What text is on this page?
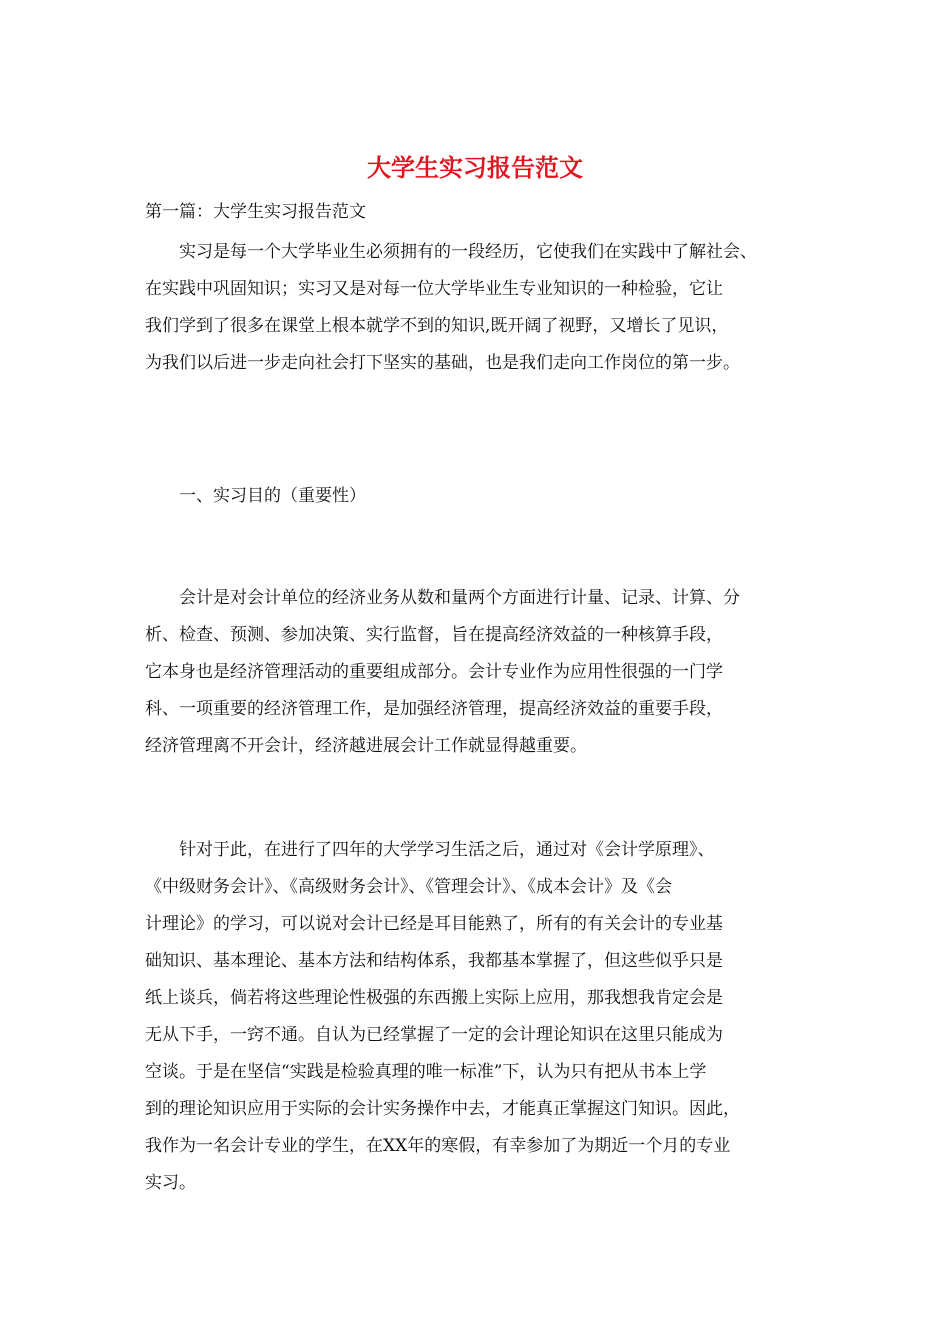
大学生实习报告范文
第一篇：大学生实习报告范文
　　实习是每一个大学毕业生必须拥有的一段经历，它使我们在实践中了解社会、
在实践中巩固知识；实习又是对每一位大学毕业生专业知识的一种检验，它让
我们学到了很多在课堂上根本就学不到的知识,既开阔了视野，又增长了见识，
为我们以后进一步走向社会打下坚实的基础，也是我们走向工作岗位的第一步。
　　一、实习目的（重要性）
　　会计是对会计单位的经济业务从数和量两个方面进行计量、记录、计算、分
析、检查、预测、参加决策、实行监督，旨在提高经济效益的一种核算手段，
它本身也是经济管理活动的重要组成部分。会计专业作为应用性很强的一门学
科、一项重要的经济管理工作，是加强经济管理，提高经济效益的重要手段，
经济管理离不开会计，经济越进展会计工作就显得越重要。
　　针对于此，在进行了四年的大学学习生活之后，通过对《会计学原理》、
《中级财务会计》、《高级财务会计》、《管理会计》、《成本会计》及《会
计理论》的学习，可以说对会计已经是耳目能熟了，所有的有关会计的专业基
础知识、基本理论、基本方法和结构体系，我都基本掌握了，但这些似乎只是
纸上谈兵，倘若将这些理论性极强的东西搬上实际上应用，那我想我肯定会是
无从下手，一窍不通。自认为已经掌握了一定的会计理论知识在这里只能成为
空谈。于是在坚信“实践是检验真理的唯一标准”下，认为只有把从书本上学
到的理论知识应用于实际的会计实务操作中去，才能真正掌握这门知识。因此，
我作为一名会计专业的学生，在XX年的寒假，有幸参加了为期近一个月的专业
实习。
